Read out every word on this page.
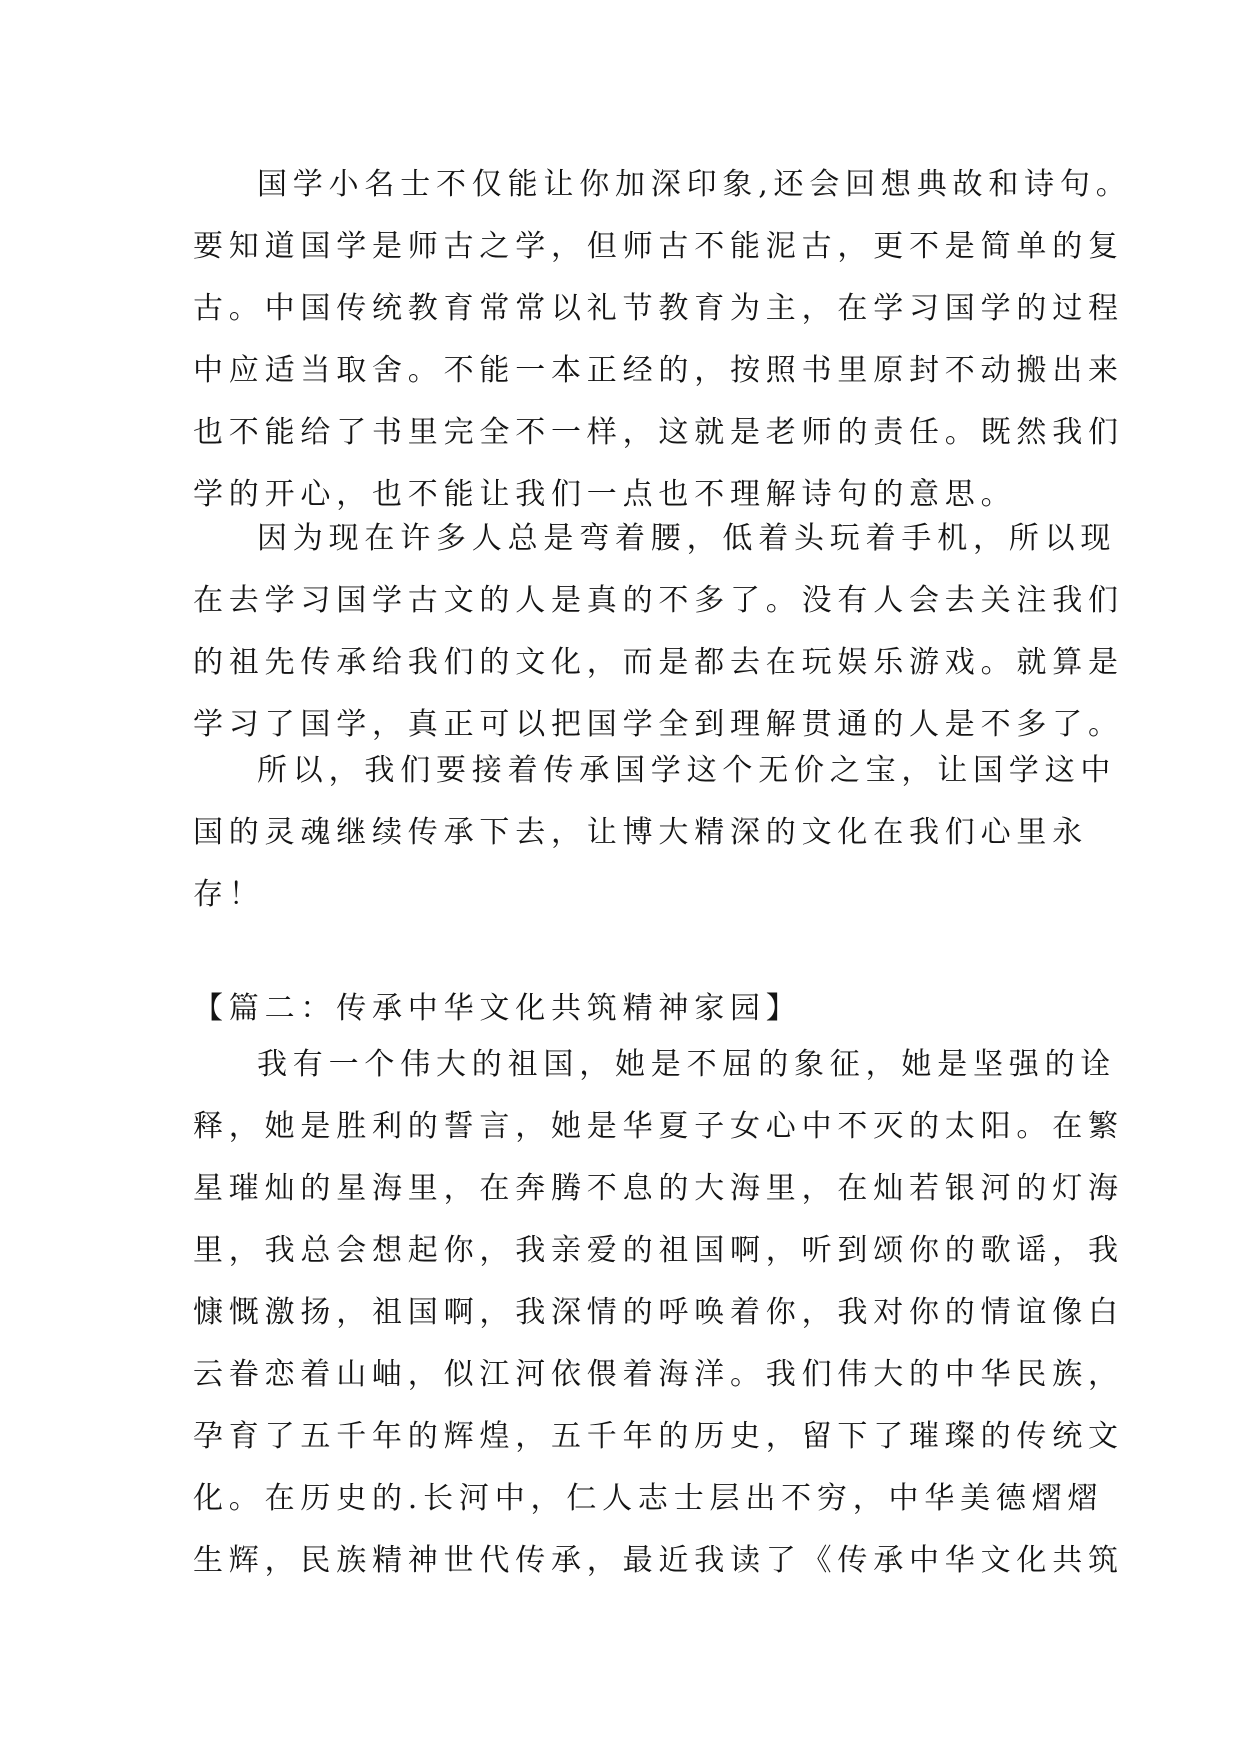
国学小名士不仅能让你加深印象,还会回想典故和诗句。
要知道国学是师古之学，但师古不能泥古，更不是简单的复
古。中国传统教育常常以礼节教育为主，在学习国学的过程
中应适当取舍。不能一本正经的，按照书里原封不动搬出来
也不能给了书里完全不一样，这就是老师的责任。既然我们
学的开心，也不能让我们一点也不理解诗句的意思。
因为现在许多人总是弯着腰，低着头玩着手机，所以现
在去学习国学古文的人是真的不多了。没有人会去关注我们
的祖先传承给我们的文化，而是都去在玩娱乐游戏。就算是
学习了国学，真正可以把国学全到理解贯通的人是不多了。
所以，我们要接着传承国学这个无价之宝，让国学这中
国的灵魂继续传承下去，让博大精深的文化在我们心里永
存！
【篇二：传承中华文化共筑精神家园】
我有一个伟大的祖国，她是不屈的象征，她是坚强的诠
释，她是胜利的誓言，她是华夏子女心中不灭的太阳。在繁
星璀灿的星海里，在奔腾不息的大海里，在灿若银河的灯海
里，我总会想起你，我亲爱的祖国啊，听到颂你的歌谣，我
慷慨激扬，祖国啊，我深情的呼唤着你，我对你的情谊像白
云眷恋着山岫，似江河依偎着海洋。我们伟大的中华民族，
孕育了五千年的辉煌，五千年的历史，留下了璀璨的传统文
化。在历史的.长河中，仁人志士层出不穷，中华美德熠熠
生辉，民族精神世代传承，最近我读了《传承中华文化共筑
